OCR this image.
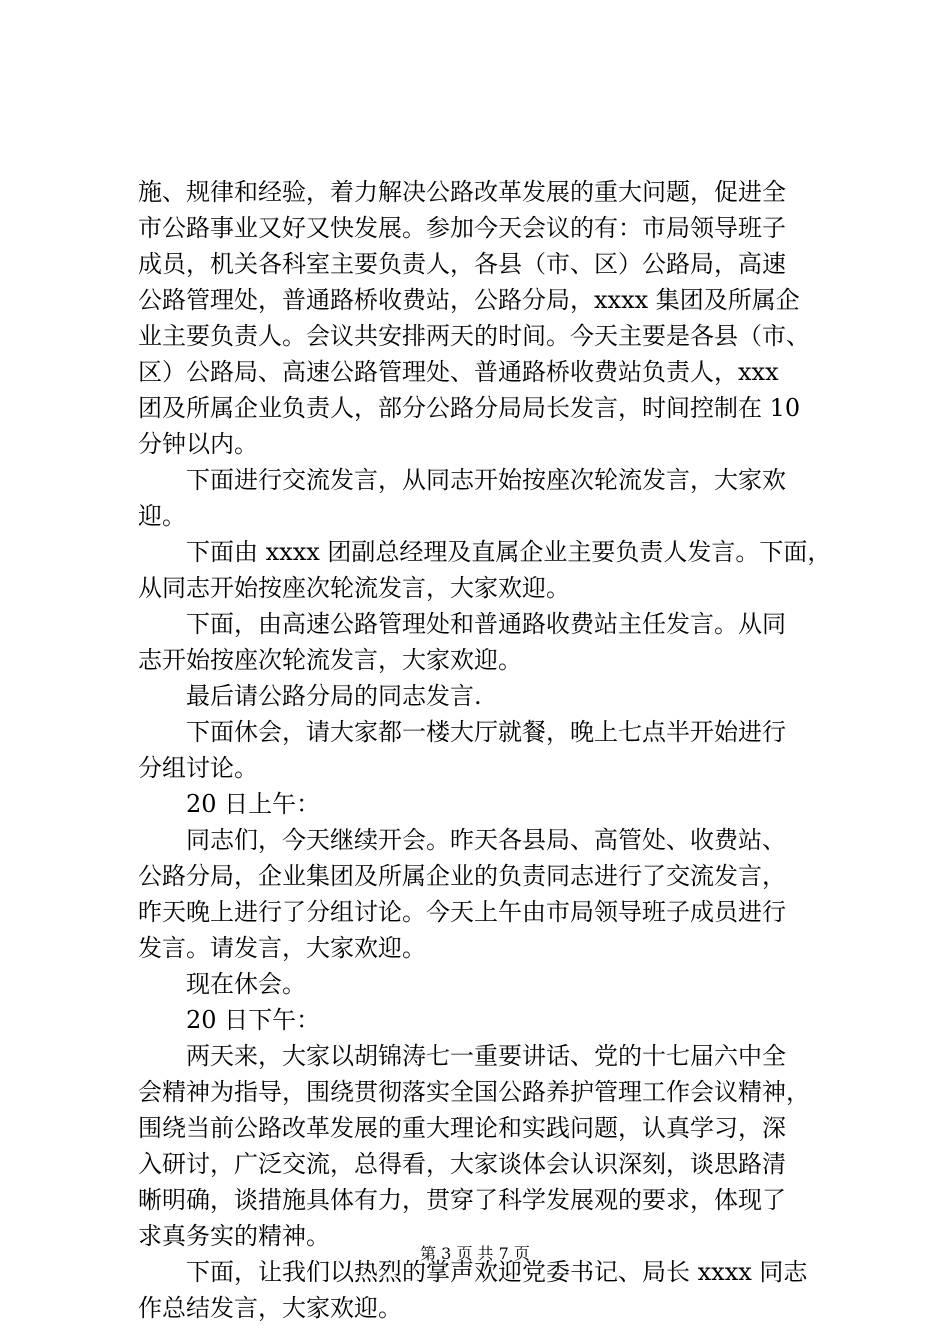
施、规律和经验，着力解决公路改革发展的重大问题，促进全
市公路事业又好又快发展。参加今天会议的有：市局领导班子
成员，机关各科室主要负责人，各县（市、区）公路局，高速
公路管理处，普通路桥收费站，公路分局，xxxx 集团及所属企
业主要负责人。会议共安排两天的时间。今天主要是各县（市、
区）公路局、高速公路管理处、普通路桥收费站负责人，xxx
团及所属企业负责人，部分公路分局局长发言，时间控制在 10
分钟以内。
　　下面进行交流发言，从同志开始按座次轮流发言，大家欢
迎。
　　下面由 xxxx 团副总经理及直属企业主要负责人发言。下面，
从同志开始按座次轮流发言，大家欢迎。
　　下面，由高速公路管理处和普通路收费站主任发言。从同
志开始按座次轮流发言，大家欢迎。
　　最后请公路分局的同志发言.
　　下面休会，请大家都一楼大厅就餐，晚上七点半开始进行
分组讨论。
　　20 日上午：
　　同志们，今天继续开会。昨天各县局、高管处、收费站、
公路分局，企业集团及所属企业的负责同志进行了交流发言，
昨天晚上进行了分组讨论。今天上午由市局领导班子成员进行
发言。请发言，大家欢迎。
　　现在休会。
　　20 日下午：
　　两天来，大家以胡锦涛七一重要讲话、党的十七届六中全
会精神为指导，围绕贯彻落实全国公路养护管理工作会议精神，
围绕当前公路改革发展的重大理论和实践问题，认真学习，深
入研讨，广泛交流，总得看，大家谈体会认识深刻，谈思路清
晰明确，谈措施具体有力，贯穿了科学发展观的要求，体现了
求真务实的精神。
　　下面，让我们以热烈的掌声欢迎党委书记、局长 xxxx 同志
作总结发言，大家欢迎。
第 3 页 共 7 页
